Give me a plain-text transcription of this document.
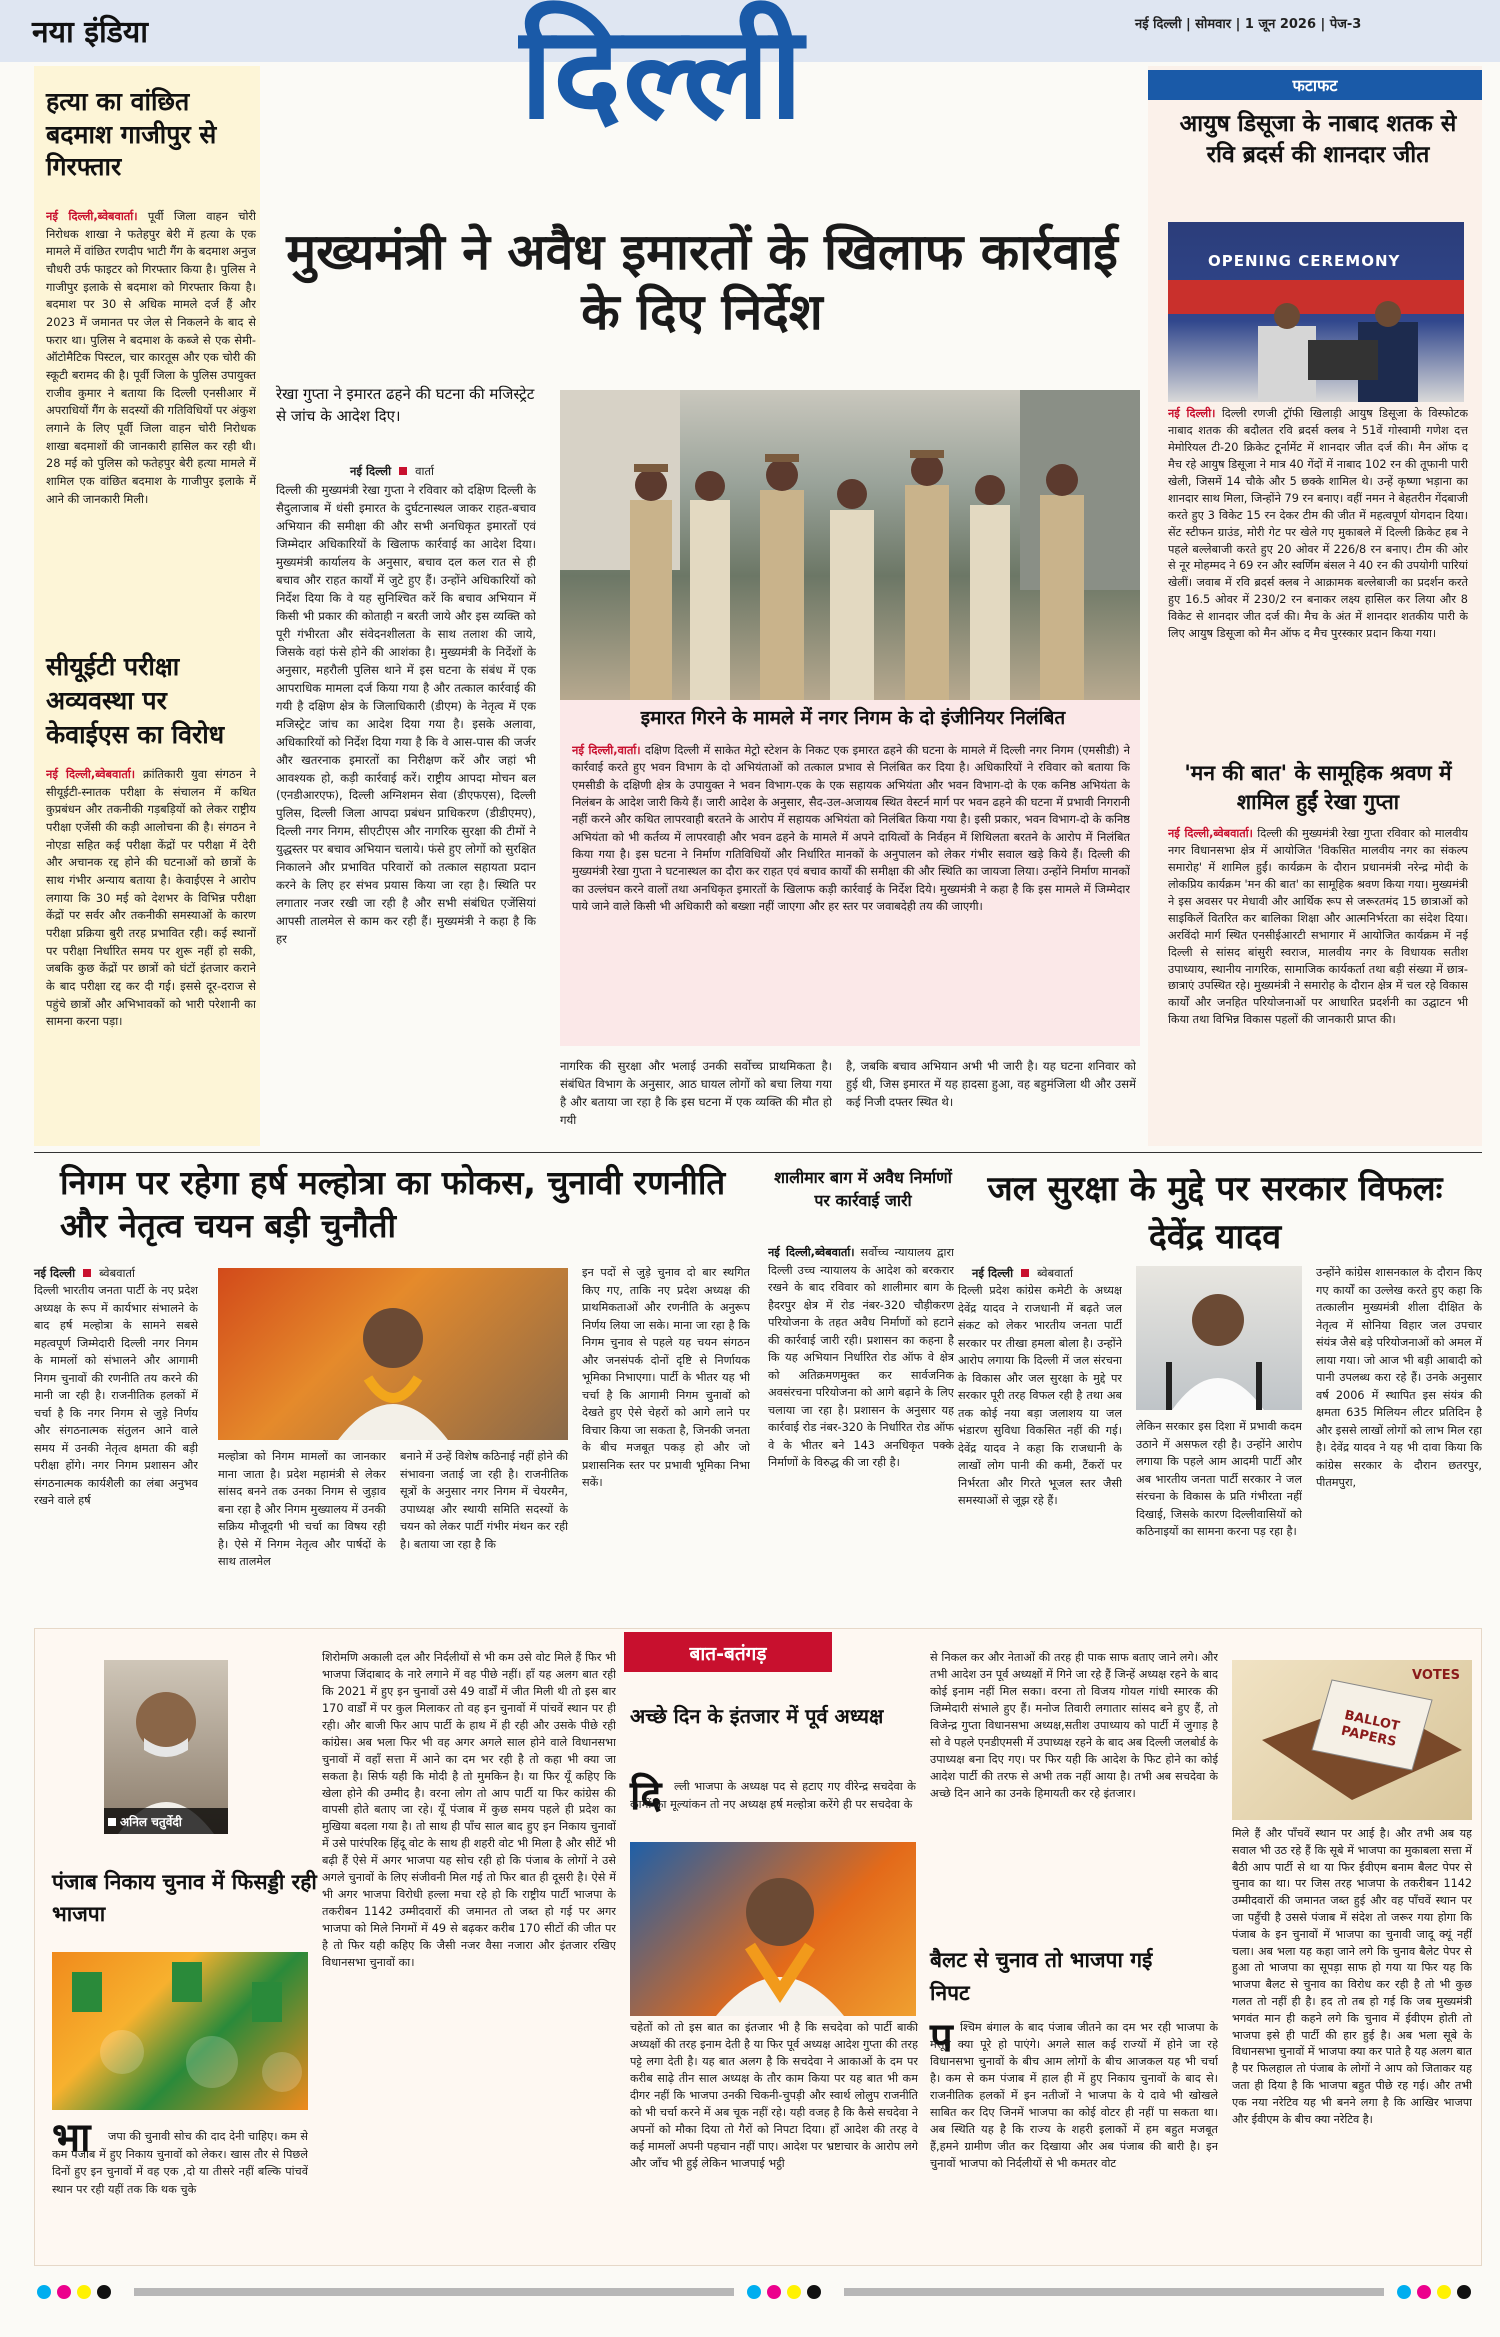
नया इंडिया	नई दिल्ली | सोमवार | 1 जून 2026 | पेज-3
दिल्ली
हत्या का वांछित बदमाश गाजीपुर से गिरफ्तार

नई दिल्ली,ब्वेबवार्ता। पूर्वी जिला वाहन चोरी निरोधक शाखा ने फतेहपुर बेरी में हत्या के एक मामले में वांछित रणदीप भाटी गैंग के बदमाश अनुज चौधरी उर्फ फाइटर को गिरफ्तार किया है। पुलिस ने गाजीपुर इलाके से बदमाश को गिरफ्तार किया है। बदमाश पर 30 से अधिक मामले दर्ज हैं और 2023 में जमानत पर जेल से निकलने के बाद से फरार था। पुलिस ने बदमाश के कब्जे से एक सेमी-ऑटोमैटिक पिस्टल, चार कारतूस और एक चोरी की स्कूटी बरामद की है। पूर्वी जिला के पुलिस उपायुक्त राजीव कुमार ने बताया कि दिल्ली एनसीआर में अपराधियों गैंग के सदस्यों की गतिविधियों पर अंकुश लगाने के लिए पूर्वी जिला वाहन चोरी निरोधक शाखा बदमाशों की जानकारी हासिल कर रही थी। 28 मई को पुलिस को फतेहपुर बेरी हत्या मामले में शामिल एक वांछित बदमाश के गाजीपुर इलाके में आने की जानकारी मिली।

सीयूईटी परीक्षा अव्यवस्था पर केवाईएस का विरोध

नई दिल्ली,ब्वेबवार्ता। क्रांतिकारी युवा संगठन ने सीयूईटी-स्नातक परीक्षा के संचालन में कथित कुप्रबंधन और तकनीकी गड़बड़ियों को लेकर राष्ट्रीय परीक्षा एजेंसी की कड़ी आलोचना की है। संगठन ने नोएडा सहित कई परीक्षा केंद्रों पर परीक्षा में देरी और अचानक रद्द होने की घटनाओं को छात्रों के साथ गंभीर अन्याय बताया है। केवाईएस ने आरोप लगाया कि 30 मई को देशभर के विभिन्न परीक्षा केंद्रों पर सर्वर और तकनीकी समस्याओं के कारण परीक्षा प्रक्रिया बुरी तरह प्रभावित रही। कई स्थानों पर परीक्षा निर्धारित समय पर शुरू नहीं हो सकी, जबकि कुछ केंद्रों पर छात्रों को घंटों इंतजार कराने के बाद परीक्षा रद्द कर दी गई। इससे दूर-दराज से पहुंचे छात्रों और अभिभावकों को भारी परेशानी का सामना करना पड़ा।

मुख्यमंत्री ने अवैध इमारतों के खिलाफ कार्रवाई के दिए निर्देश
रेखा गुप्ता ने इमारत ढहने की घटना की मजिस्ट्रेट से जांच के आदेश दिए।
नई दिल्ली वार्ता

दिल्ली की मुख्यमंत्री रेखा गुप्ता ने रविवार को दक्षिण दिल्ली के सैदुलाजाब में धंसी इमारत के दुर्घटनास्थल जाकर राहत-बचाव अभियान की समीक्षा की और सभी अनधिकृत इमारतों एवं जिम्मेदार अधिकारियों के खिलाफ कार्रवाई का आदेश दिया। मुख्यमंत्री कार्यालय के अनुसार, बचाव दल कल रात से ही बचाव और राहत कार्यों में जुटे हुए हैं। उन्होंने अधिकारियों को निर्देश दिया कि वे यह सुनिश्चित करें कि बचाव अभियान में किसी भी प्रकार की कोताही न बरती जाये और इस व्यक्ति को पूरी गंभीरता और संवेदनशीलता के साथ तलाश की जाये, जिसके वहां फंसे होने की आशंका है। मुख्यमंत्री के निर्देशों के अनुसार, महरौली पुलिस थाने में इस घटना के संबंध में एक आपराधिक मामला दर्ज किया गया है और तत्काल कार्रवाई की गयी है दक्षिण क्षेत्र के जिलाधिकारी (डीएम) के नेतृत्व में एक मजिस्ट्रेट जांच का आदेश दिया गया है। इसके अलावा, अधिकारियों को निर्देश दिया गया है कि वे आस-पास की जर्जर और खतरनाक इमारतों का निरीक्षण करें और जहां भी आवश्यक हो, कड़ी कार्रवाई करें। राष्ट्रीय आपदा मोचन बल (एनडीआरएफ), दिल्ली अग्निशमन सेवा (डीएफएस), दिल्ली पुलिस, दिल्ली जिला आपदा प्रबंधन प्राधिकरण (डीडीएमए), दिल्ली नगर निगम, सीएटीएस और नागरिक सुरक्षा की टीमों ने युद्धस्तर पर बचाव अभियान चलाये। फंसे हुए लोगों को सुरक्षित निकालने और प्रभावित परिवारों को तत्काल सहायता प्रदान करने के लिए हर संभव प्रयास किया जा रहा है। स्थिति पर लगातार नजर रखी जा रही है और सभी संबंधित एजेंसियां आपसी तालमेल से काम कर रही हैं। मुख्यमंत्री ने कहा है कि हर

इमारत गिरने के मामले में नगर निगम के दो इंजीनियर निलंबित

नई दिल्ली,वार्ता। दक्षिण दिल्ली में साकेत मेट्रो स्टेशन के निकट एक इमारत ढहने की घटना के मामले में दिल्ली नगर निगम (एमसीडी) ने कार्रवाई करते हुए भवन विभाग के दो अभियंताओं को तत्काल प्रभाव से निलंबित कर दिया है। अधिकारियों ने रविवार को बताया कि एमसीडी के दक्षिणी क्षेत्र के उपायुक्त ने भवन विभाग-एक के एक सहायक अभियंता और भवन विभाग-दो के एक कनिष्ठ अभियंता के निलंबन के आदेश जारी किये हैं। जारी आदेश के अनुसार, सैद-उल-अजायब स्थित वेस्टर्न मार्ग पर भवन ढहने की घटना में प्रभावी निगरानी नहीं करने और कथित लापरवाही बरतने के आरोप में सहायक अभियंता को निलंबित किया गया है। इसी प्रकार, भवन विभाग-दो के कनिष्ठ अभियंता को भी कर्तव्य में लापरवाही और भवन ढहने के मामले में अपने दायित्वों के निर्वहन में शिथिलता बरतने के आरोप में निलंबित किया गया है। इस घटना ने निर्माण गतिविधियों और निर्धारित मानकों के अनुपालन को लेकर गंभीर सवाल खड़े किये हैं। दिल्ली की मुख्यमंत्री रेखा गुप्ता ने घटनास्थल का दौरा कर राहत एवं बचाव कार्यों की समीक्षा की और स्थिति का जायजा लिया। उन्होंने निर्माण मानकों का उल्लंघन करने वालों तथा अनधिकृत इमारतों के खिलाफ कड़ी कार्रवाई के निर्देश दिये। मुख्यमंत्री ने कहा है कि इस मामले में जिम्मेदार पाये जाने वाले किसी भी अधिकारी को बख्शा नहीं जाएगा और हर स्तर पर जवाबदेही तय की जाएगी।

नागरिक की सुरक्षा और भलाई उनकी सर्वोच्च प्राथमिकता है। संबंधित विभाग के अनुसार, आठ घायल लोगों को बचा लिया गया है और बताया जा रहा है कि इस घटना में एक व्यक्ति की मौत हो गयी

है, जबकि बचाव अभियान अभी भी जारी है। यह घटना शनिवार को हुई थी, जिस इमारत में यह हादसा हुआ, वह बहुमंजिला थी और उसमें कई निजी दफ्तर स्थित थे।

फटाफट
आयुष डिसूजा के नाबाद शतक से रवि ब्रदर्स की शानदार जीत
OPENING CEREMONY

नई दिल्ली। दिल्ली रणजी ट्रॉफी खिलाड़ी आयुष डिसूजा के विस्फोटक नाबाद शतक की बदौलत रवि ब्रदर्स क्लब ने 51वें गोस्वामी गणेश दत्त मेमोरियल टी-20 क्रिकेट टूर्नामेंट में शानदार जीत दर्ज की। मैन ऑफ द मैच रहे आयुष डिसूजा ने मात्र 40 गेंदों में नाबाद 102 रन की तूफानी पारी खेली, जिसमें 14 चौके और 5 छक्के शामिल थे। उन्हें कृष्णा भड़ाना का शानदार साथ मिला, जिन्होंने 79 रन बनाए। वहीं नमन ने बेहतरीन गेंदबाजी करते हुए 3 विकेट 15 रन देकर टीम की जीत में महत्वपूर्ण योगदान दिया। सेंट स्टीफन ग्राउंड, मोरी गेट पर खेले गए मुकाबले में दिल्ली क्रिकेट हब ने पहले बल्लेबाजी करते हुए 20 ओवर में 226/8 रन बनाए। टीम की ओर से नूर मोहम्मद ने 69 रन और स्वर्णिम बंसल ने 40 रन की उपयोगी पारियां खेलीं। जवाब में रवि ब्रदर्स क्लब ने आक्रामक बल्लेबाजी का प्रदर्शन करते हुए 16.5 ओवर में 230/2 रन बनाकर लक्ष्य हासिल कर लिया और 8 विकेट से शानदार जीत दर्ज की। मैच के अंत में शानदार शतकीय पारी के लिए आयुष डिसूजा को मैन ऑफ द मैच पुरस्कार प्रदान किया गया।

'मन की बात' के सामूहिक श्रवण में शामिल हुईं रेखा गुप्ता

नई दिल्ली,ब्वेबवार्ता। दिल्ली की मुख्यमंत्री रेखा गुप्ता रविवार को मालवीय नगर विधानसभा क्षेत्र में आयोजित 'विकसित मालवीय नगर का संकल्प समारोह' में शामिल हुईं। कार्यक्रम के दौरान प्रधानमंत्री नरेन्द्र मोदी के लोकप्रिय कार्यक्रम 'मन की बात' का सामूहिक श्रवण किया गया। मुख्यमंत्री ने इस अवसर पर मेधावी और आर्थिक रूप से जरूरतमंद 15 छात्राओं को साइकिलें वितरित कर बालिका शिक्षा और आत्मनिर्भरता का संदेश दिया। अरविंदो मार्ग स्थित एनसीईआरटी सभागार में आयोजित कार्यक्रम में नई दिल्ली से सांसद बांसुरी स्वराज, मालवीय नगर के विधायक सतीश उपाध्याय, स्थानीय नागरिक, सामाजिक कार्यकर्ता तथा बड़ी संख्या में छात्र-छात्राएं उपस्थित रहे। मुख्यमंत्री ने समारोह के दौरान क्षेत्र में चल रहे विकास कार्यों और जनहित परियोजनाओं पर आधारित प्रदर्शनी का उद्घाटन भी किया तथा विभिन्न विकास पहलों की जानकारी प्राप्त की।

निगम पर रहेगा हर्ष मल्होत्रा का फोकस, चुनावी रणनीति और नेतृत्व चयन बड़ी चुनौती
नई दिल्ली ब्वेबवार्ता

दिल्ली भारतीय जनता पार्टी के नए प्रदेश अध्यक्ष के रूप में कार्यभार संभालने के बाद हर्ष मल्होत्रा के सामने सबसे महत्वपूर्ण जिम्मेदारी दिल्ली नगर निगम के मामलों को संभालने और आगामी निगम चुनावों की रणनीति तय करने की मानी जा रही है। राजनीतिक हलकों में चर्चा है कि नगर निगम से जुड़े निर्णय और संगठनात्मक संतुलन आने वाले समय में उनकी नेतृत्व क्षमता की बड़ी परीक्षा होंगे। नगर निगम प्रशासन और संगठनात्मक कार्यशैली का लंबा अनुभव रखने वाले हर्ष

मल्होत्रा को निगम मामलों का जानकार माना जाता है। प्रदेश महामंत्री से लेकर सांसद बनने तक उनका निगम से जुड़ाव बना रहा है और निगम मुख्यालय में उनकी सक्रिय मौजूदगी भी चर्चा का विषय रही है। ऐसे में निगम नेतृत्व और पार्षदों के साथ तालमेल

बनाने में उन्हें विशेष कठिनाई नहीं होने की संभावना जताई जा रही है। राजनीतिक सूत्रों के अनुसार नगर निगम में चेयरमैन, उपाध्यक्ष और स्थायी समिति सदस्यों के चयन को लेकर पार्टी गंभीर मंथन कर रही है। बताया जा रहा है कि

इन पदों से जुड़े चुनाव दो बार स्थगित किए गए, ताकि नए प्रदेश अध्यक्ष की प्राथमिकताओं और रणनीति के अनुरूप निर्णय लिया जा सके। माना जा रहा है कि निगम चुनाव से पहले यह चयन संगठन और जनसंपर्क दोनों दृष्टि से निर्णायक भूमिका निभाएगा। पार्टी के भीतर यह भी चर्चा है कि आगामी निगम चुनावों को देखते हुए ऐसे चेहरों को आगे लाने पर विचार किया जा सकता है, जिनकी जनता के बीच मजबूत पकड़ हो और जो प्रशासनिक स्तर पर प्रभावी भूमिका निभा सकें।

शालीमार बाग में अवैध निर्माणों पर कार्रवाई जारी

नई दिल्ली,ब्वेबवार्ता। सर्वोच्च न्यायालय द्वारा दिल्ली उच्च न्यायालय के आदेश को बरकरार रखने के बाद रविवार को शालीमार बाग के हैदरपुर क्षेत्र में रोड नंबर-320 चौड़ीकरण परियोजना के तहत अवैध निर्माणों को हटाने की कार्रवाई जारी रही। प्रशासन का कहना है कि यह अभियान निर्धारित रोड ऑफ वे क्षेत्र को अतिक्रमणमुक्त कर सार्वजनिक अवसंरचना परियोजना को आगे बढ़ाने के लिए चलाया जा रहा है। प्रशासन के अनुसार यह कार्रवाई रोड नंबर-320 के निर्धारित रोड ऑफ वे के भीतर बने 143 अनधिकृत पक्के निर्माणों के विरुद्ध की जा रही है।

जल सुरक्षा के मुद्दे पर सरकार विफलः देवेंद्र यादव
नई दिल्ली ब्वेबवार्ता

दिल्ली प्रदेश कांग्रेस कमेटी के अध्यक्ष देवेंद्र यादव ने राजधानी में बढ़ते जल संकट को लेकर भारतीय जनता पार्टी सरकार पर तीखा हमला बोला है। उन्होंने आरोप लगाया कि दिल्ली में जल संरचना के विकास और जल सुरक्षा के मुद्दे पर सरकार पूरी तरह विफल रही है तथा अब तक कोई नया बड़ा जलाशय या जल भंडारण सुविधा विकसित नहीं की गई। देवेंद्र यादव ने कहा कि राजधानी के लाखों लोग पानी की कमी, टैंकरों पर निर्भरता और गिरते भूजल स्तर जैसी समस्याओं से जूझ रहे हैं।

लेकिन सरकार इस दिशा में प्रभावी कदम उठाने में असफल रही है। उन्होंने आरोप लगाया कि पहले आम आदमी पार्टी और अब भारतीय जनता पार्टी सरकार ने जल संरचना के विकास के प्रति गंभीरता नहीं दिखाई, जिसके कारण दिल्लीवासियों को कठिनाइयों का सामना करना पड़ रहा है।

उन्होंने कांग्रेस शासनकाल के दौरान किए गए कार्यों का उल्लेख करते हुए कहा कि तत्कालीन मुख्यमंत्री शीला दीक्षित के नेतृत्व में सोनिया विहार जल उपचार संयंत्र जैसे बड़े परियोजनाओं को अमल में लाया गया। जो आज भी बड़ी आबादी को पानी उपलब्ध करा रहे हैं। उनके अनुसार वर्ष 2006 में स्थापित इस संयंत्र की क्षमता 635 मिलियन लीटर प्रतिदिन है और इससे लाखों लोगों को लाभ मिल रहा है। देवेंद्र यादव ने यह भी दावा किया कि कांग्रेस सरकार के दौरान छतरपुर, पीतमपुरा,

बात-बतंगड़
अनिल चतुर्वेदी
पंजाब निकाय चुनाव में फिसड्डी रही भाजपा
भा	जपा की चुनावी सोच की दाद देनी चाहिए। कम से कम पंजाब में हुए निकाय चुनावों को लेकर। खास तौर से पिछले दिनों हुए इन चुनावों में वह एक ,दो या तीसरे नहीं बल्कि पांचवें स्थान पर रही यहीं तक कि थक चुके

शिरोमणि अकाली दल और निर्दलीयों से भी कम उसे वोट मिले हैं फिर भी भाजपा जिंदाबाद के नारे लगाने में वह पीछे नहीं। हाँ यह अलग बात रही कि 2021 में हुए इन चुनावों उसे 49 वार्डों में जीत मिली थी तो इस बार 170 वार्डों में पर कुल मिलाकर तो वह इन चुनावों में पांचवें स्थान पर ही रही। और बाजी फिर आप पार्टी के हाथ में ही रही और उसके पीछे रही कांग्रेस। अब भला फिर भी वह अगर अगले साल होने वाले विधानसभा चुनावों में वहाँ सत्ता में आने का दम भर रही है तो कहा भी क्या जा सकता है। सिर्फ यही कि मोदी है तो मुमकिन है। या फिर यूँ कहिए कि खेला होने की उम्मीद है। वरना लोग तो आप पार्टी या फिर कांग्रेस की वापसी होते बताए जा रहे। यूँ पंजाब में कुछ समय पहले ही प्रदेश का मुखिया बदला गया है। तो साथ ही पाँच साल बाद हुए इन निकाय चुनावों में उसे पारंपरिक हिंदू वोट के साथ ही शहरी वोट भी मिला है और सीटें भी बढ़ी हैं ऐसे में अगर भाजपा यह सोच रही हो कि पंजाब के लोगों ने उसे अगले चुनावों के लिए संजीवनी मिल गई तो फिर बात ही दूसरी है। ऐसे में भी अगर भाजपा विरोधी हल्ला मचा रहे हो कि राष्ट्रीय पार्टी भाजपा के तकरीबन 1142 उम्मीदवारों की जमानत तो जब्त हो गई पर अगर भाजपा को मिले निगमों में 49 से बढ़कर करीब 170 सीटों की जीत पर है तो फिर यही कहिए कि जैसी नजर वैसा नजारा और इंतजार रखिए विधानसभा चुनावों का।

अच्छे दिन के इंतजार में पूर्व अध्यक्ष
दि	ल्ली भाजपा के अध्यक्ष पद से हटाए गए वीरेन्द्र सचदेवा के कामों का मूल्यांकन तो नए अध्यक्ष हर्ष मल्होत्रा करेंगे ही पर सचदेवा के

चहेतों को तो इस बात का इंतजार भी है कि सचदेवा को पार्टी बाकी अध्यक्षों की तरह इनाम देती है या फिर पूर्व अध्यक्ष आदेश गुप्ता की तरह पट्टे लगा देती है। यह बात अलग है कि सचदेवा ने आकाओं के दम पर करीब साढ़े तीन साल अध्यक्ष के तौर काम किया पर यह बात भी कम दीगर नहीं कि भाजपा उनकी चिकनी-चुपड़ी और स्वार्थ लोलुप राजनीति को भी चर्चा करने में अब चूक नहीं रहे। यही वजह है कि कैसे सचदेवा ने अपनों को मौका दिया तो गैरों को निपटा दिया। हाँ आदेश की तरह वे कई मामलों अपनी पहचान नहीं पाए। आदेश पर भ्रष्टाचार के आरोप लगे और जाँच भी हुई लेकिन भाजपाई भट्ठी

से निकल कर और नेताओं की तरह ही पाक साफ बताए जाने लगे। और तभी आदेश उन पूर्व अध्यक्षों में गिने जा रहे हैं जिन्हें अध्यक्ष रहने के बाद कोई इनाम नहीं मिल सका। वरना तो विजय गोयल गांधी स्मारक की जिम्मेदारी संभाले हुए हैं। मनोज तिवारी लगातार सांसद बने हुए हैं, तो विजेन्द्र गुप्ता विधानसभा अध्यक्ष,सतीश उपाध्याय को पार्टी में जुगाड़ है सो वे पहले एनडीएमसी में उपाध्यक्ष रहने के बाद अब दिल्ली जलबोर्ड के उपाध्यक्ष बना दिए गए। पर फिर यही कि आदेश के फिट होने का कोई आदेश पार्टी की तरफ से अभी तक नहीं आया है। तभी अब सचदेवा के अच्छे दिन आने का उनके हिमायती कर रहे इंतजार।

बैलट से चुनाव तो भाजपा गई निपट
प श्चिम बंगाल के बाद पंजाब जीतने का दम भर रही भाजपा के मंसूबे क्या पूरे हो पाएंगे। अगले साल कई राज्यों में होने जा रहे विधानसभा चुनावों के बीच आम लोगों के बीच आजकल यह भी चर्चा है। कम से कम पंजाब में हाल ही में हुए निकाय चुनावों के बाद से। राजनीतिक हलकों में इन नतीजों ने भाजपा के ये दावे भी खोखले साबित कर दिए जिनमें भाजपा का कोई वोटर ही नहीं पा सकता था। अब स्थिति यह है कि राज्य के शहरी इलाकों में हम बहुत मजबूत हैं,हमने ग्रामीण जीत कर दिखाया और अब पंजाब की बारी है। इन चुनावों भाजपा को निर्दलीयों से भी कमतर वोट

VOTES
BALLOT PAPERS

मिले हैं और पाँचवें स्थान पर आई है। और तभी अब यह सवाल भी उठ रहे हैं कि सूबे में भाजपा का मुकाबला सत्ता में बैठी आप पार्टी से था या फिर ईवीएम बनाम बैलट पेपर से चुनाव का था। पर जिस तरह भाजपा के तकरीबन 1142 उम्मीदवारों की जमानत जब्त हुई और वह पाँचवें स्थान पर जा पहुँची है उससे पंजाब में संदेश तो जरूर गया होगा कि पंजाब के इन चुनावों में भाजपा का चुनावी जादू क्यूं नहीं चला। अब भला यह कहा जाने लगे कि चुनाव बैलेट पेपर से हुआ तो भाजपा का सूपड़ा साफ हो गया या फिर यह कि भाजपा बैलट से चुनाव का विरोध कर रही है तो भी कुछ गलत तो नहीं ही है। हद तो तब हो गई कि जब मुख्यमंत्री भगवंत मान ही कहने लगे कि चुनाव में ईवीएम होती तो भाजपा इसे ही पार्टी की हार हुई है। अब भला सूबे के विधानसभा चुनावों में भाजपा क्या कर पाते है यह अलग बात है पर फिलहाल तो पंजाब के लोगों ने आप को जिताकर यह जता ही दिया है कि भाजपा बहुत पीछे रह गई। और तभी एक नया नरेटिव यह भी बनने लगा है कि आखिर भाजपा और ईवीएम के बीच क्या नरेटिव है।
